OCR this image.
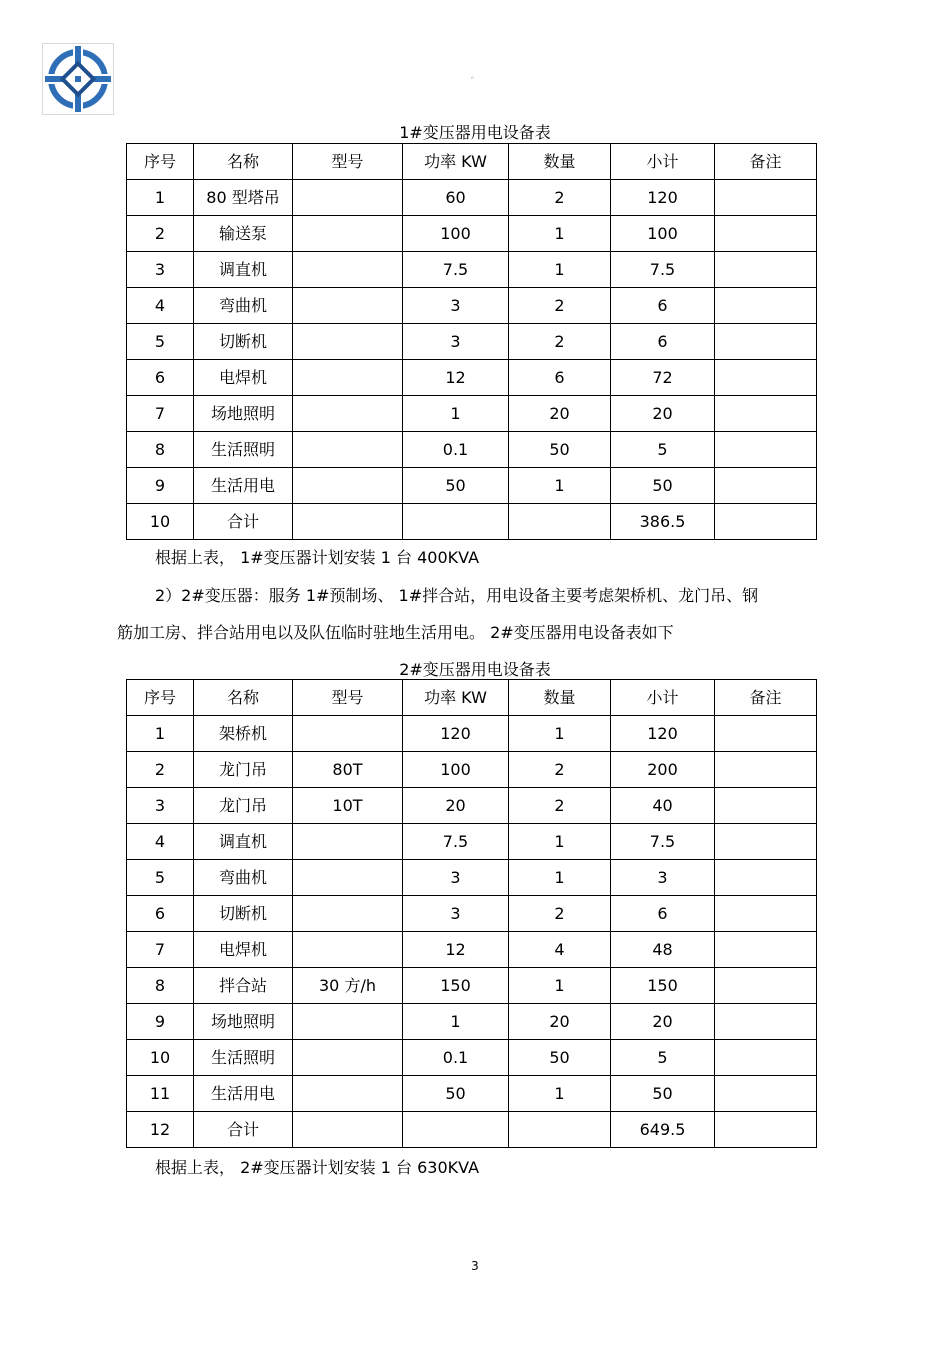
。
1#变压器用电设备表
序号	名称	型号	功率 KW	数量	小计	备注
1	80 型塔吊		60	2	120	
2	输送泵		100	1	100	
3	调直机		7.5	1	7.5	
4	弯曲机		3	2	6	
5	切断机		3	2	6	
6	电焊机		12	6	72	
7	场地照明		1	20	20	
8	生活照明		0.1	50	5	
9	生活用电		50	1	50	
10	合计				386.5	
根据上表， 1#变压器计划安装 1 台 400KVA
2）2#变压器：服务 1#预制场、 1#拌合站，用电设备主要考虑架桥机、龙门吊、钢
筋加工房、拌合站用电以及队伍临时驻地生活用电。 2#变压器用电设备表如下
2#变压器用电设备表
序号	名称	型号	功率 KW	数量	小计	备注
1	架桥机		120	1	120	
2	龙门吊	80T	100	2	200	
3	龙门吊	10T	20	2	40	
4	调直机		7.5	1	7.5	
5	弯曲机		3	1	3	
6	切断机		3	2	6	
7	电焊机		12	4	48	
8	拌合站	30 方/h	150	1	150	
9	场地照明		1	20	20	
10	生活照明		0.1	50	5	
11	生活用电		50	1	50	
12	合计				649.5	
根据上表， 2#变压器计划安装 1 台 630KVA
3
